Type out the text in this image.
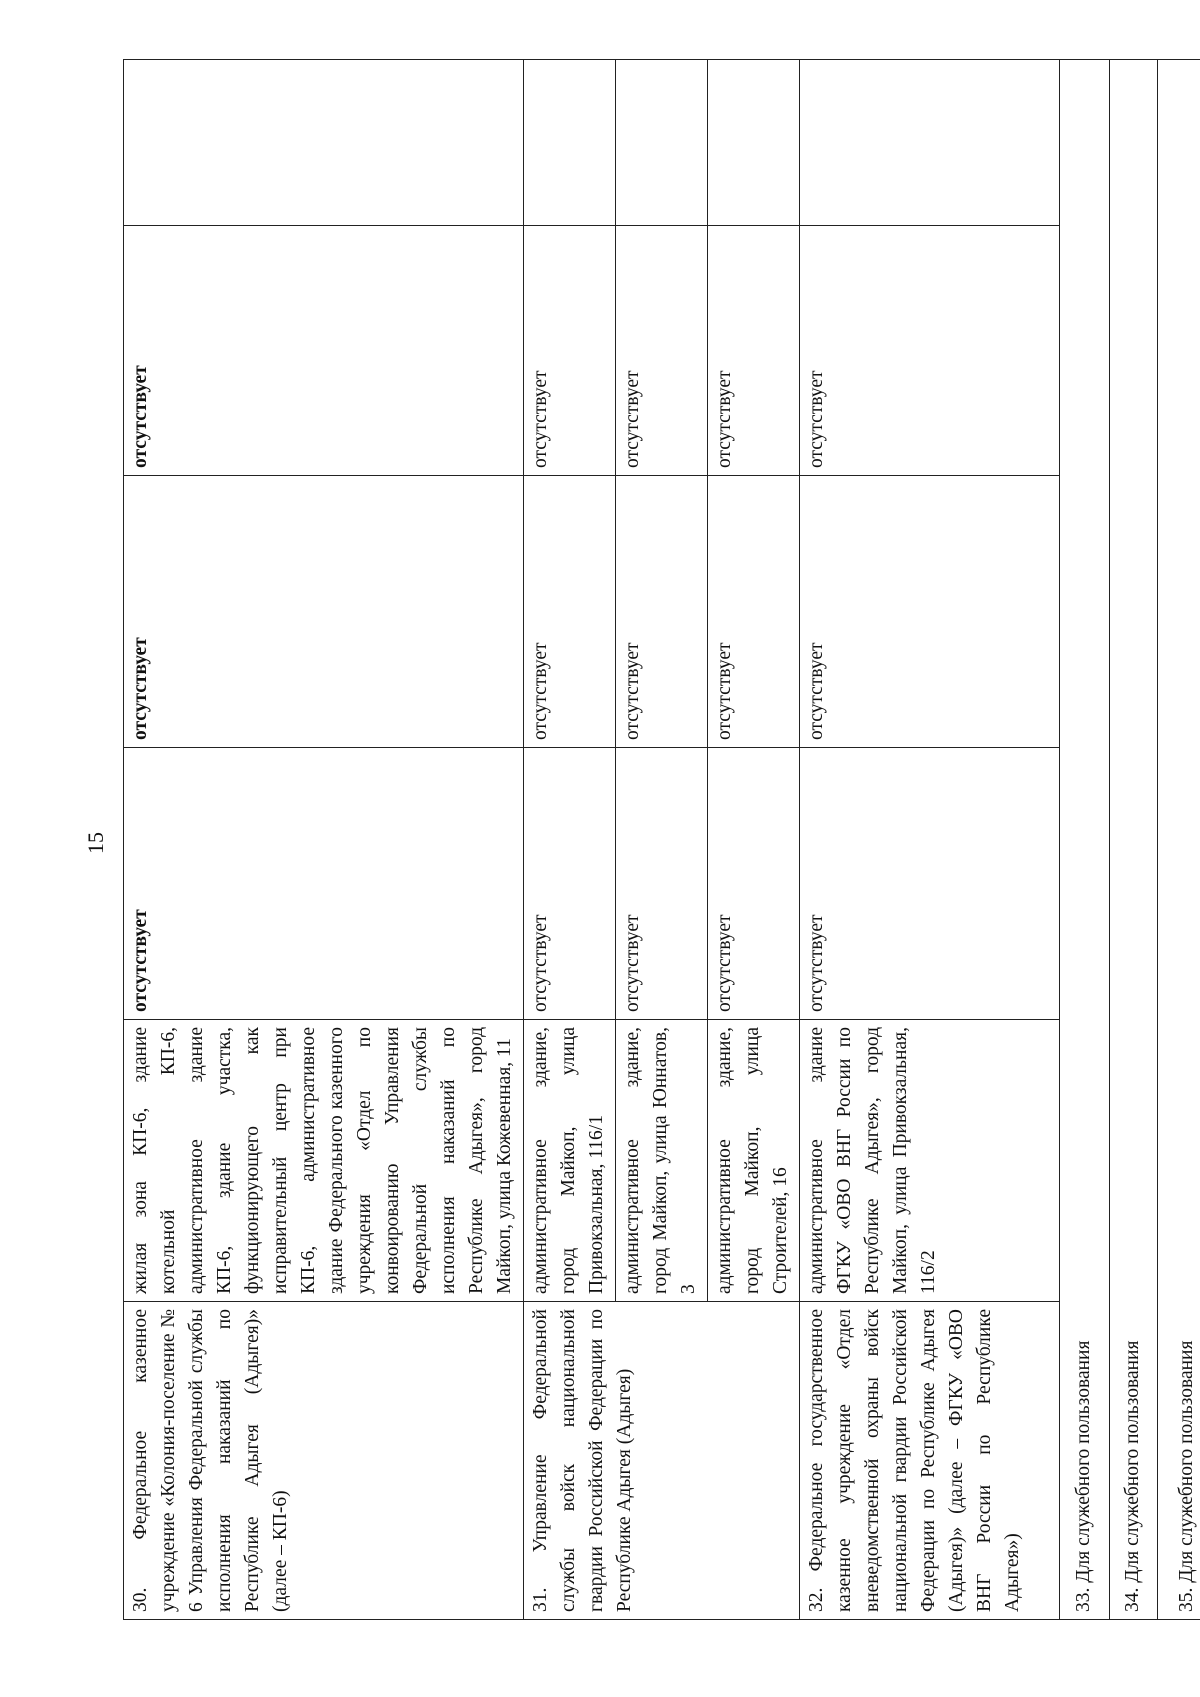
15
30. Федеральное казенное учреждение «Колония-поселение № 6 Управления Федеральной службы исполнения наказаний по Республике Адыгея (Адыгея)» (далее – КП-6)	жилая зона КП-6, здание котельной КП-6, административное здание КП-6, здание участка, функционирующего как исправительный центр при КП-6, административное здание Федерального казенного учреждения «Отдел по конвоированию Управления Федеральной службы исполнения наказаний по Республике Адыгея», город Майкоп, улица Кожевенная, 11	отсутствует	отсутствует	отсутствует	
31. Управление Федеральной службы войск национальной гвардии Российской Федерации по Республике Адыгея (Адыгея)	административное здание, город Майкоп, улица Привокзальная, 116/1	отсутствует	отсутствует	отсутствует	
	административное здание, город Майкоп, улица Юннатов, 3	отсутствует	отсутствует	отсутствует	
	административное здание, город Майкоп, улица Строителей, 16	отсутствует	отсутствует	отсутствует	
32. Федеральное государственное казенное учреждение «Отдел вневедомственной охраны войск национальной гвардии Российской Федерации по Республике Адыгея (Адыгея)» (далее – ФГКУ «ОВО ВНГ России по Республике Адыгея»)	административное здание ФГКУ «ОВО ВНГ России по Республике Адыгея», город Майкоп, улица Привокзальная, 116/2	отсутствует	отсутствует	отсутствует	
33. Для служебного пользования					
34. Для служебного пользования					
35. Для служебного пользования					
